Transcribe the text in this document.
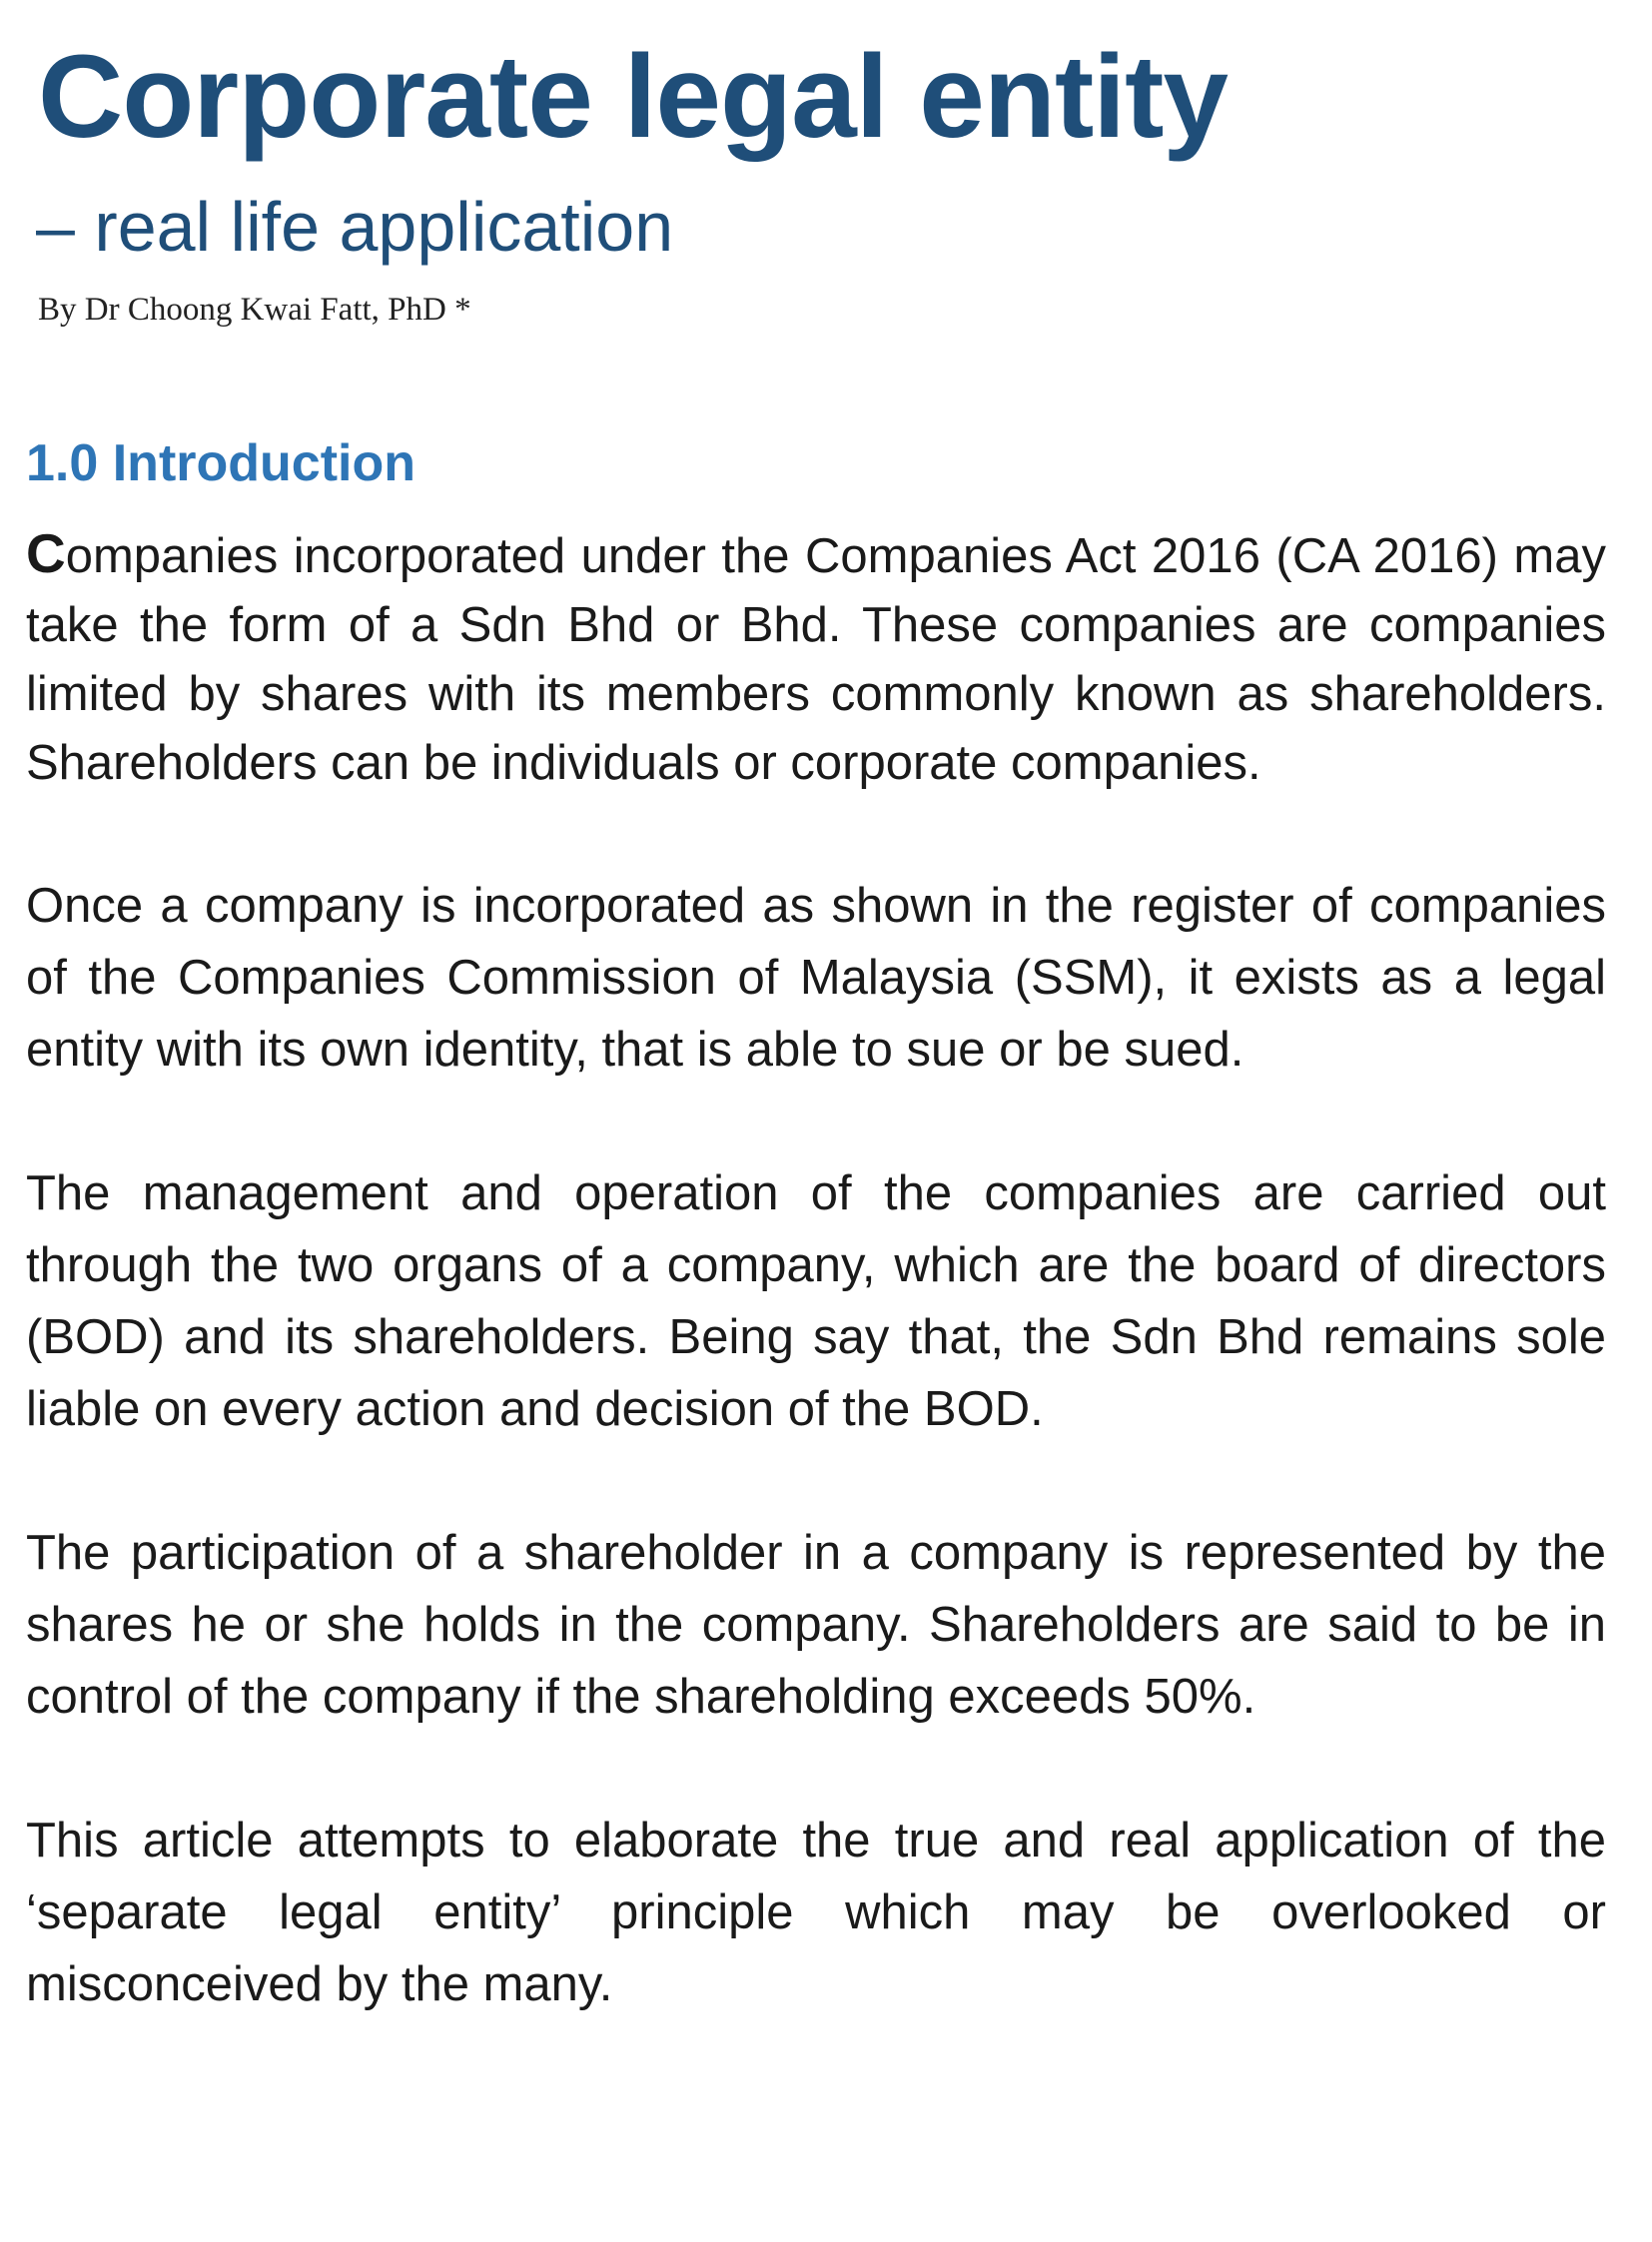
Corporate legal entity
– real life application

By Dr Choong Kwai Fatt, PhD *

1.0 Introduction

Companies incorporated under the Companies Act 2016 (CA 2016) may take the form of a Sdn Bhd or Bhd. These companies are companies limited by shares with its members commonly known as shareholders. Shareholders can be individuals or corporate companies.

Once a company is incorporated as shown in the register of companies of the Companies Commission of Malaysia (SSM), it exists as a legal entity with its own identity, that is able to sue or be sued.

The management and operation of the companies are carried out through the two organs of a company, which are the board of directors (BOD) and its shareholders. Being say that, the Sdn Bhd remains sole liable on every action and decision of the BOD.

The participation of a shareholder in a company is represented by the shares he or she holds in the company. Shareholders are said to be in control of the company if the shareholding exceeds 50%.

This article attempts to elaborate the true and real application of the ‘separate legal entity’ principle which may be overlooked or misconceived by the many.
